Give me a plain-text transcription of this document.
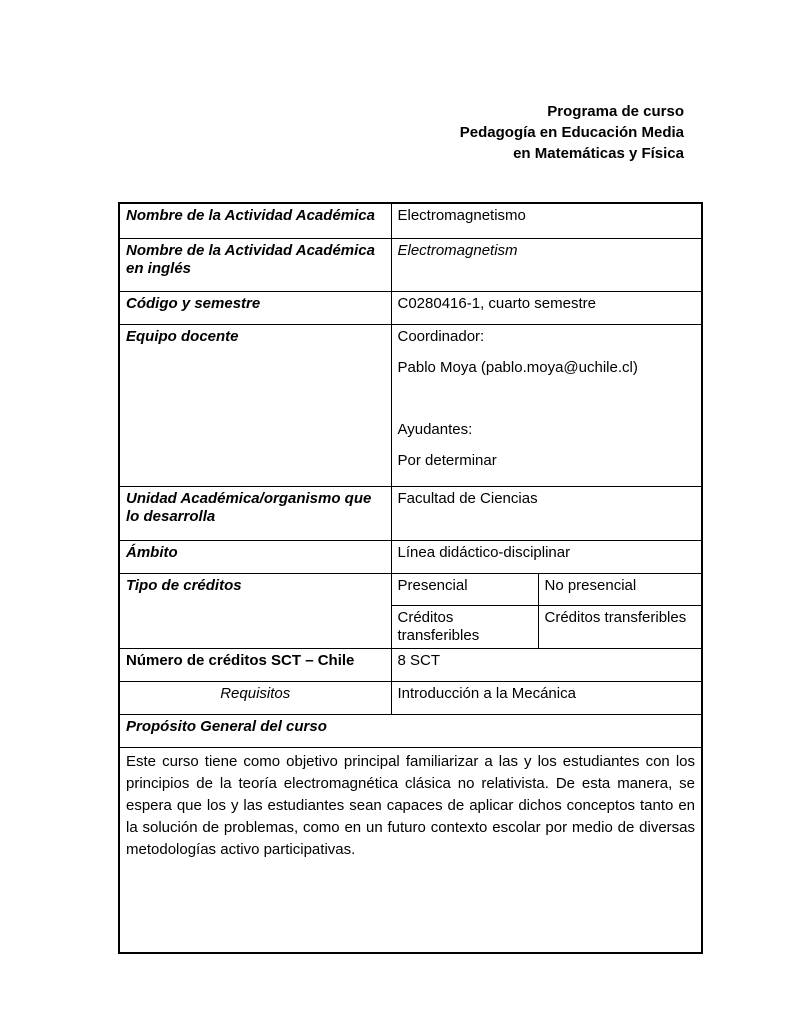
Programa de curso
Pedagogía en Educación Media
en Matemáticas y Física
Nombre de la Actividad Académica	Electromagnetismo	
Nombre de la Actividad Académica en inglés	Electromagnetism	
Código y semestre	C0280416-1, cuarto semestre	
Equipo docente	Coordinador:

Pablo Moya (pablo.moya@uchile.cl)

Ayudantes:

Por determinar	

Unidad Académica/organismo que lo desarrolla	Facultad de Ciencias	
Ámbito	Línea didáctico-disciplinar	
Tipo de créditos	Presencial	No presencial
	Créditos transferibles	Créditos transferibles
Número de créditos SCT – Chile	8 SCT	
Requisitos	Introducción a la Mecánica	
Propósito General del curso		

Este curso tiene como objetivo principal familiarizar a las y los estudiantes con los principios de la teoría electromagnética clásica no relativista. De esta manera, se espera que los y las estudiantes sean capaces de aplicar dichos conceptos tanto en la solución de problemas, como en un futuro contexto escolar por medio de diversas metodologías activo participativas.		
